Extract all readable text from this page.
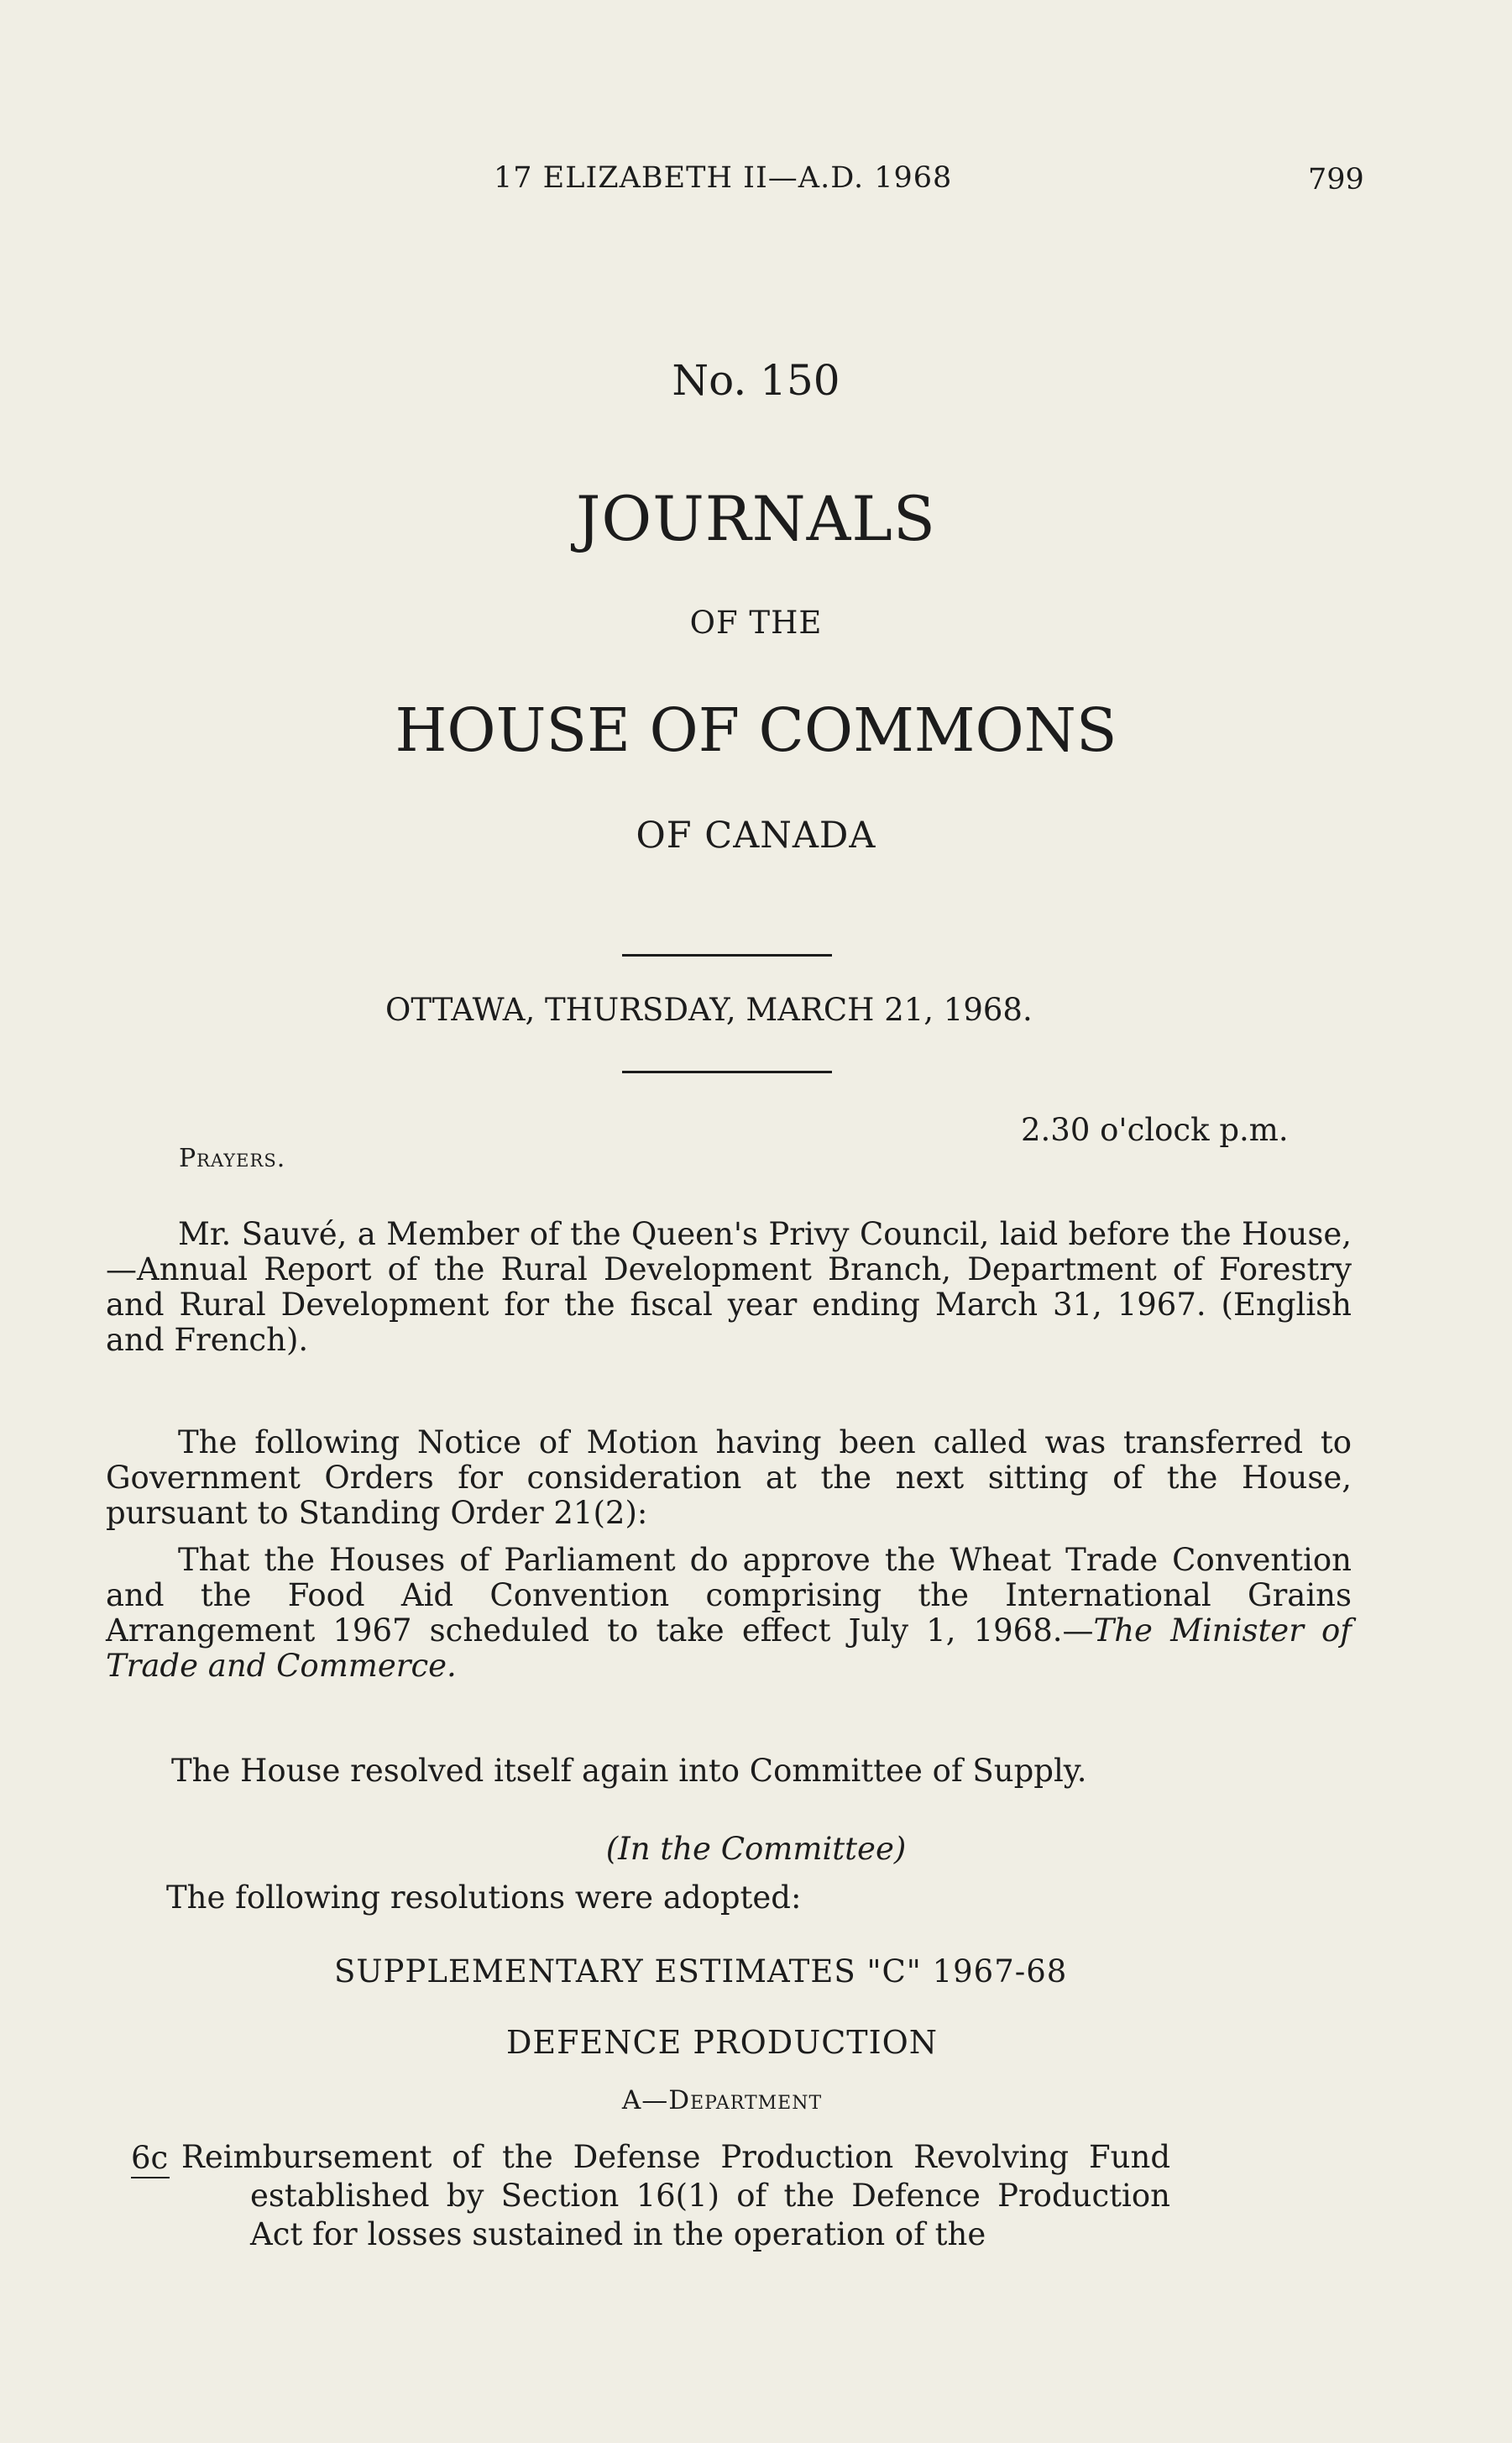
17 ELIZABETH II—A.D. 1968	799
No. 150
JOURNALS
OF THE
HOUSE OF COMMONS
OF CANADA
OTTAWA, THURSDAY, MARCH 21, 1968.
2.30 o'clock p.m.
Prayers.
Mr. Sauvé, a Member of the Queen's Privy Council, laid before the House, —Annual Report of the Rural Development Branch, Department of Forestry and Rural Development for the fiscal year ending March 31, 1967. (English and French).
The following Notice of Motion having been called was transferred to Government Orders for consideration at the next sitting of the House, pursuant to Standing Order 21(2):
That the Houses of Parliament do approve the Wheat Trade Convention and the Food Aid Convention comprising the International Grains Arrangement 1967 scheduled to take effect July 1, 1968.—The Minister of Trade and Commerce.
The House resolved itself again into Committee of Supply.
(In the Committee)
The following resolutions were adopted:
SUPPLEMENTARY ESTIMATES "C" 1967-68
DEFENCE PRODUCTION
A—Department
6c Reimbursement of the Defense Production Revolving Fund established by Section 16(1) of the Defence Production Act for losses sustained in the operation of the
